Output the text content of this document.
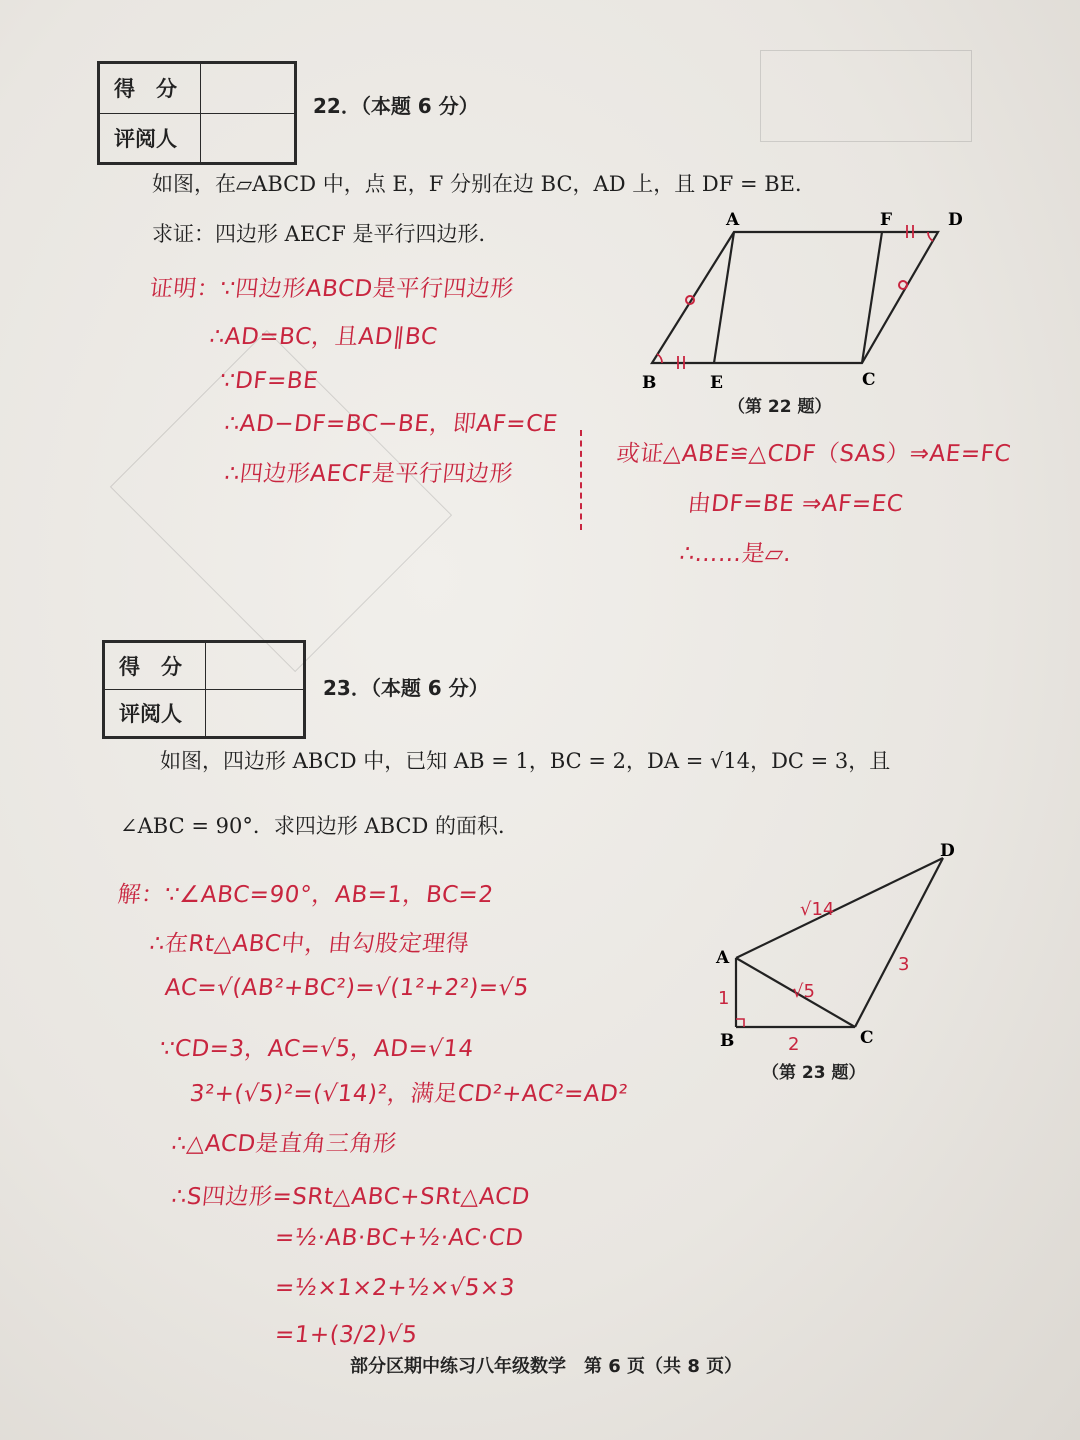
得　分	
评阅人	
22．（本题 6 分）
如图，在▱ABCD 中，点 E，F 分别在边 BC，AD 上，且 DF = BE．
求证：四边形 AECF 是平行四边形．
A	F	D
B	E	C
（第 22 题）
证明：∵四边形ABCD是平行四边形
∴AD=BC，且AD∥BC
∵DF=BE
∴AD−DF=BC−BE，即AF=CE
∴四边形AECF是平行四边形
或证△ABE≌△CDF（SAS）⇒AE=FC
由DF=BE ⇒AF=EC
∴……是▱.
得　分	
评阅人	
23．（本题 6 分）
如图，四边形 ABCD 中，已知 AB = 1，BC = 2，DA = √14，DC = 3，且
∠ABC = 90°．求四边形 ABCD 的面积．
D
A
B	C
1
2
√5
√14
3
（第 23 题）
解：∵∠ABC=90°，AB=1，BC=2
∴在Rt△ABC中，由勾股定理得
AC=√(AB²+BC²)=√(1²+2²)=√5
∵CD=3，AC=√5，AD=√14
3²+(√5)²=(√14)²，满足CD²+AC²=AD²
∴△ACD是直角三角形
∴S四边形=SRt△ABC+SRt△ACD
=½·AB·BC+½·AC·CD
=½×1×2+½×√5×3
=1+(3/2)√5
部分区期中练习八年级数学　第 6 页（共 8 页）
